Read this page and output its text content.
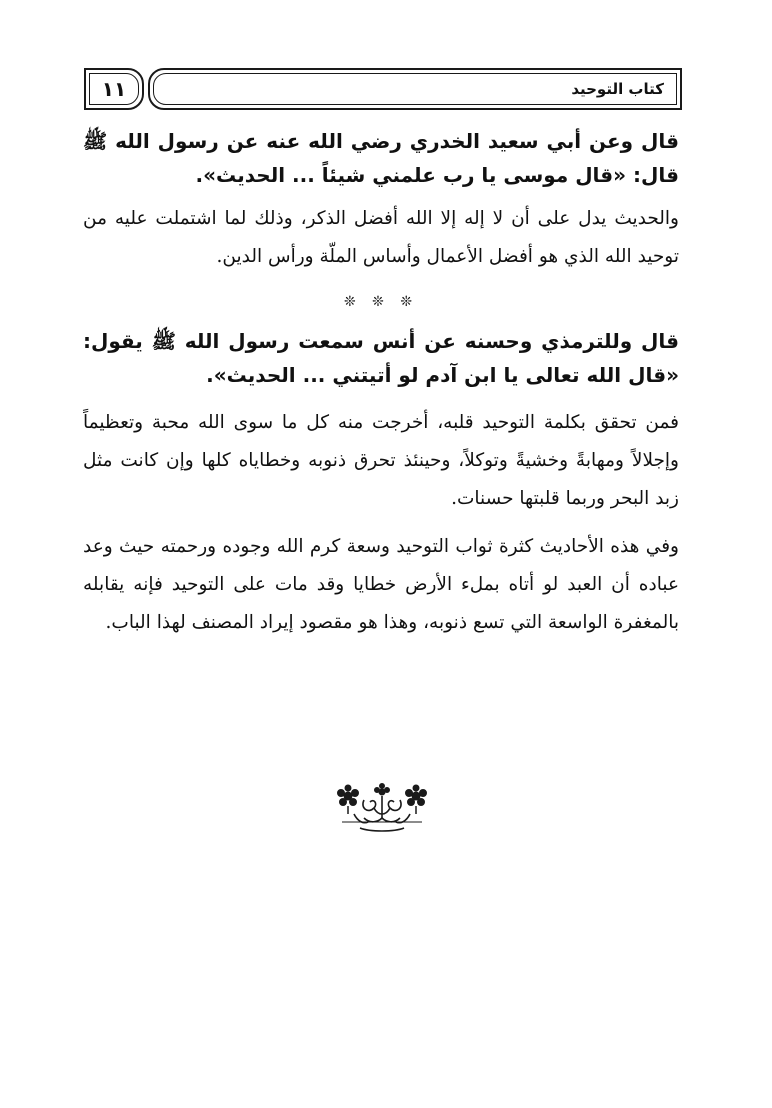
كتاب التوحيد
١١

قال وعن أبي سعيد الخدري رضي الله عنه عن رسول الله ﷺ قال: «قال موسى يا رب علمني شيئاً ... الحديث».

والحديث يدل على أن لا إله إلا الله أفضل الذكر، وذلك لما اشتملت عليه من توحيد الله الذي هو أفضل الأعمال وأساس الملّة ورأس الدين.

❊ ❊ ❊

قال وللترمذي وحسنه عن أنس سمعت رسول الله ﷺ يقول: «قال الله تعالى يا ابن آدم لو أتيتني ... الحديث».

فمن تحقق بكلمة التوحيد قلبه، أخرجت منه كل ما سوى الله محبة وتعظيماً وإجلالاً ومهابةً وخشيةً وتوكلاً، وحينئذ تحرق ذنوبه وخطاياه كلها وإن كانت مثل زبد البحر وربما قلبتها حسنات.

وفي هذه الأحاديث كثرة ثواب التوحيد وسعة كرم الله وجوده ورحمته حيث وعد عباده أن العبد لو أتاه بملء الأرض خطايا وقد مات على التوحيد فإنه يقابله بالمغفرة الواسعة التي تسع ذنوبه، وهذا هو مقصود إيراد المصنف لهذا الباب.
